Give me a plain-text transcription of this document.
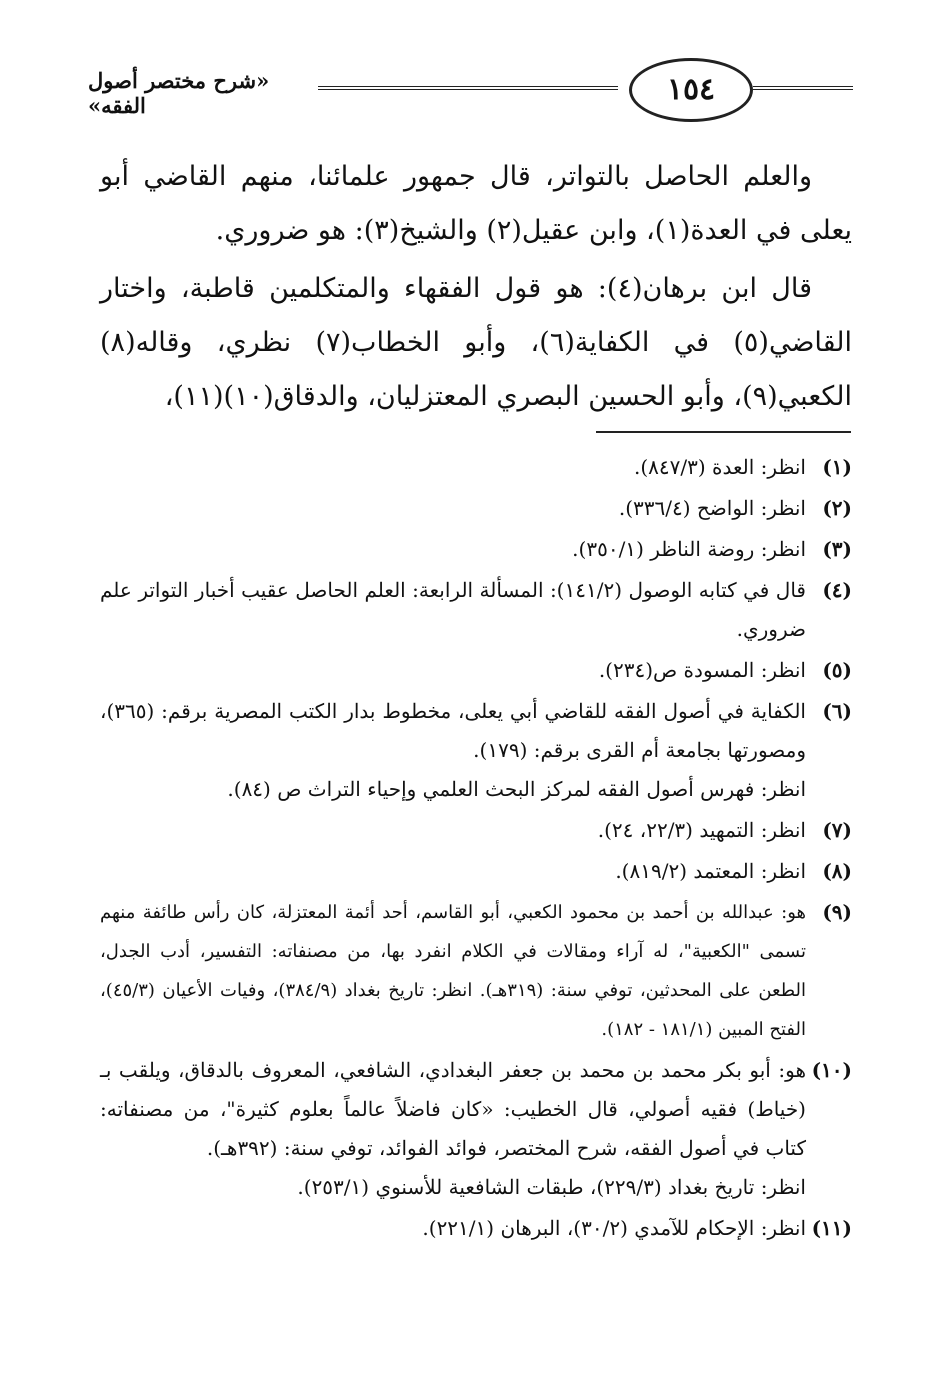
١٥٤
«شرح مختصر أصول الفقه»

والعلم الحاصل بالتواتر، قال جمهور علمائنا، منهم القاضي أبو يعلى في العدة(١)، وابن عقيل(٢) والشيخ(٣): هو ضروري.

قال ابن برهان(٤): هو قول الفقهاء والمتكلمين قاطبة، واختار القاضي(٥) في الكفاية(٦)، وأبو الخطاب(٧) نظري، وقاله(٨) الكعبي(٩)، وأبو الحسين البصري المعتزليان، والدقاق(١٠)(١١)،

(١)
انظر: العدة (٨٤٧/٣).
(٢)
انظر: الواضح (٣٣٦/٤).
(٣)
انظر: روضة الناظر (٣٥٠/١).
(٤)
قال في كتابه الوصول (١٤١/٢): المسألة الرابعة: العلم الحاصل عقيب أخبار التواتر علم ضروري.
(٥)
انظر: المسودة ص(٢٣٤).
(٦)
الكفاية في أصول الفقه للقاضي أبي يعلى، مخطوط بدار الكتب المصرية برقم: (٣٦٥)، ومصورتها بجامعة أم القرى برقم: (١٧٩).
انظر: فهرس أصول الفقه لمركز البحث العلمي وإحياء التراث ص (٨٤).
(٧)
انظر: التمهيد (٢٢/٣، ٢٤).
(٨)
انظر: المعتمد (٨١٩/٢).
(٩)
هو: عبدالله بن أحمد بن محمود الكعبي، أبو القاسم، أحد أئمة المعتزلة، كان رأس طائفة منهم تسمى "الكعبية"، له آراء ومقالات في الكلام انفرد بها، من مصنفاته: التفسير، أدب الجدل، الطعن على المحدثين، توفي سنة: (٣١٩هـ). انظر: تاريخ بغداد (٣٨٤/٩)، وفيات الأعيان (٤٥/٣)، الفتح المبين (١٨١/١ - ١٨٢).
(١٠)
هو: أبو بكر محمد بن محمد بن جعفر البغدادي، الشافعي، المعروف بالدقاق، ويلقب بـ (خياط) فقيه أصولي، قال الخطيب: «كان فاضلاً عالماً بعلوم كثيرة"، من مصنفاته: كتاب في أصول الفقه، شرح المختصر، فوائد الفوائد، توفي سنة: (٣٩٢هـ).
انظر: تاريخ بغداد (٢٢٩/٣)، طبقات الشافعية للأسنوي (٢٥٣/١).
(١١)
انظر: الإحكام للآمدي (٣٠/٢)، البرهان (٢٢١/١).
